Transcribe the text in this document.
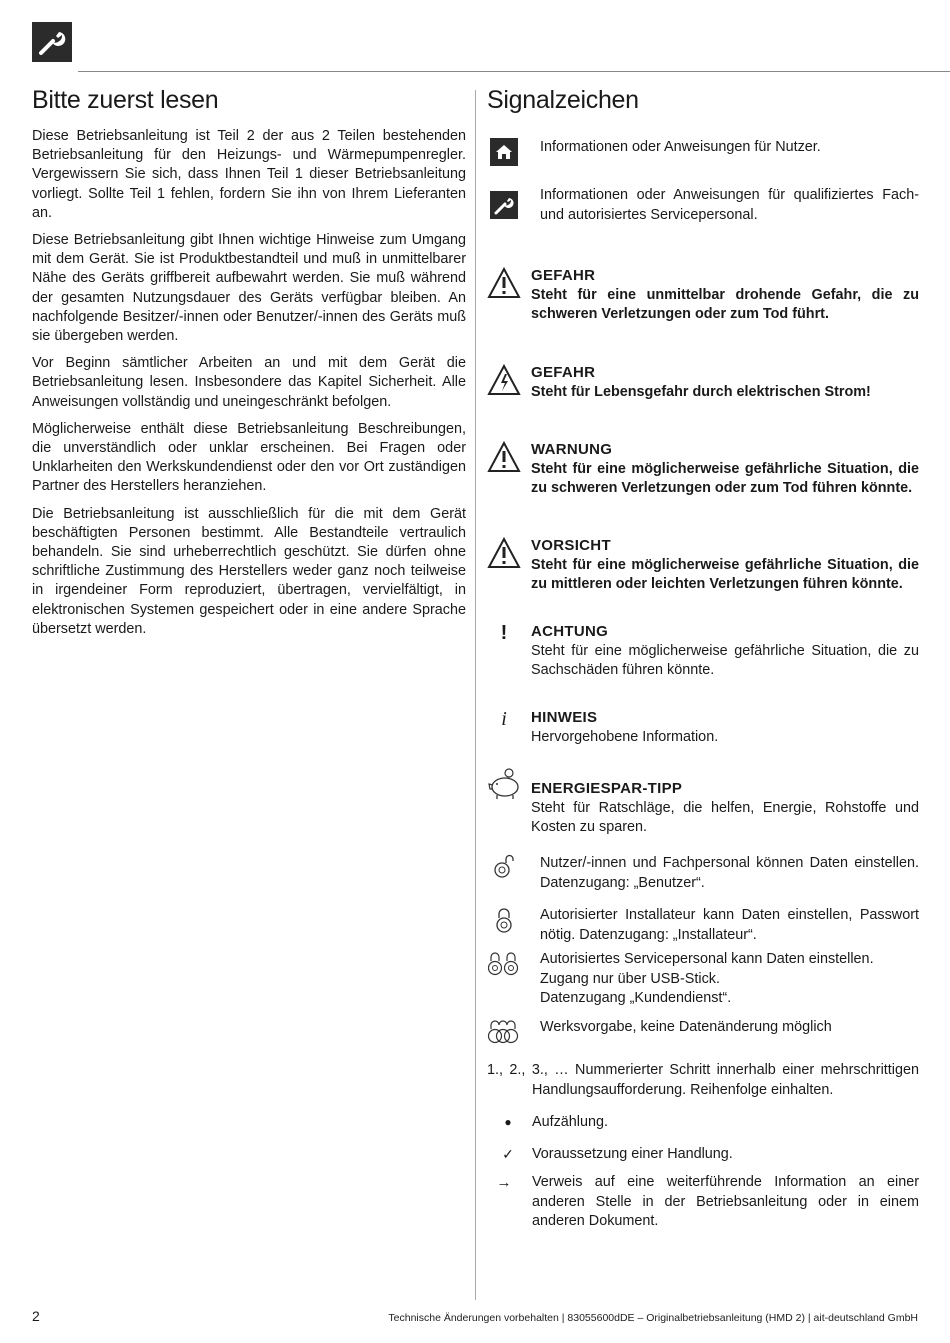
Bitte zuerst lesen

Diese Betriebsanleitung ist Teil 2 der aus 2 Teilen bestehenden Betriebsanleitung für den Heizungs- und Wärmepumpenregler. Vergewissern Sie sich, dass Ihnen Teil 1 dieser Betriebsanleitung vorliegt. Sollte Teil 1 fehlen, fordern Sie ihn von Ihrem Lieferanten an.

Diese Betriebsanleitung gibt Ihnen wichtige Hinweise zum Umgang mit dem Gerät. Sie ist Produktbestandteil und muß in unmittelbarer Nähe des Geräts griffbereit aufbewahrt werden. Sie muß während der gesamten Nutzungsdauer des Geräts verfügbar bleiben. An nachfolgende Besitzer/-innen oder Benutzer/-innen des Geräts muß sie übergeben werden.

Vor Beginn sämtlicher Arbeiten an und mit dem Gerät die Betriebsanleitung lesen. Insbesondere das Kapitel Sicherheit. Alle Anweisungen vollständig und uneingeschränkt befolgen.

Möglicherweise enthält diese Betriebsanleitung Beschreibungen, die unverständlich oder unklar erscheinen. Bei Fragen oder Unklarheiten den Werkskundendienst oder den vor Ort zuständigen Partner des Herstellers heranziehen.

Die Betriebsanleitung ist ausschließlich für die mit dem Gerät beschäftigten Personen bestimmt. Alle Bestandteile vertraulich behandeln. Sie sind urheberrechtlich geschützt. Sie dürfen ohne schriftliche Zustimmung des Herstellers weder ganz noch teilweise in irgendeiner Form reproduziert, übertragen, vervielfältigt, in elektronischen Systemen gespeichert oder in eine andere Sprache übersetzt werden.

Signalzeichen
Informationen oder Anweisungen für Nutzer.
Informationen oder Anweisungen für qualifiziertes Fach- und autorisiertes Servicepersonal.
GEFAHR
Steht für eine unmittelbar drohende Gefahr, die zu schweren Verletzungen oder zum Tod führt.
GEFAHR
Steht für Lebensgefahr durch elektrischen Strom!
WARNUNG
Steht für eine möglicherweise gefährliche Situation, die zu schweren Verletzungen oder zum Tod führen könnte.
VORSICHT
Steht für eine möglicherweise gefährliche Situation, die zu mittleren oder leichten Verletzungen führen könnte.
!	ACHTUNG
Steht für eine möglicherweise gefährliche Situation, die zu Sachschäden führen könnte.
i	HINWEIS
Hervorgehobene Information.
ENERGIESPAR-TIPP
Steht für Ratschläge, die helfen, Energie, Rohstoffe und Kosten zu sparen.
Nutzer/-innen und Fachpersonal können Daten einstellen. Datenzugang: „Benutzer“.
Autorisierter Installateur kann Daten einstellen, Passwort nötig. Datenzugang: „Installateur“.
Autorisiertes Servicepersonal kann Daten einstellen.
Zugang nur über USB-Stick.
Datenzugang „Kundendienst“.
Werksvorgabe, keine Datenänderung möglich
1., 2., 3., … Nummerierter Schritt innerhalb einer mehrschrittigen Handlungsaufforderung. Reihenfolge einhalten.
●	Aufzählung.
✓	Voraussetzung einer Handlung.
→	Verweis auf eine weiterführende Information an einer anderen Stelle in der Betriebsanleitung oder in einem anderen Dokument.
2	Technische Änderungen vorbehalten | 83055600dDE – Originalbetriebsanleitung (HMD 2) | ait-deutschland GmbH
